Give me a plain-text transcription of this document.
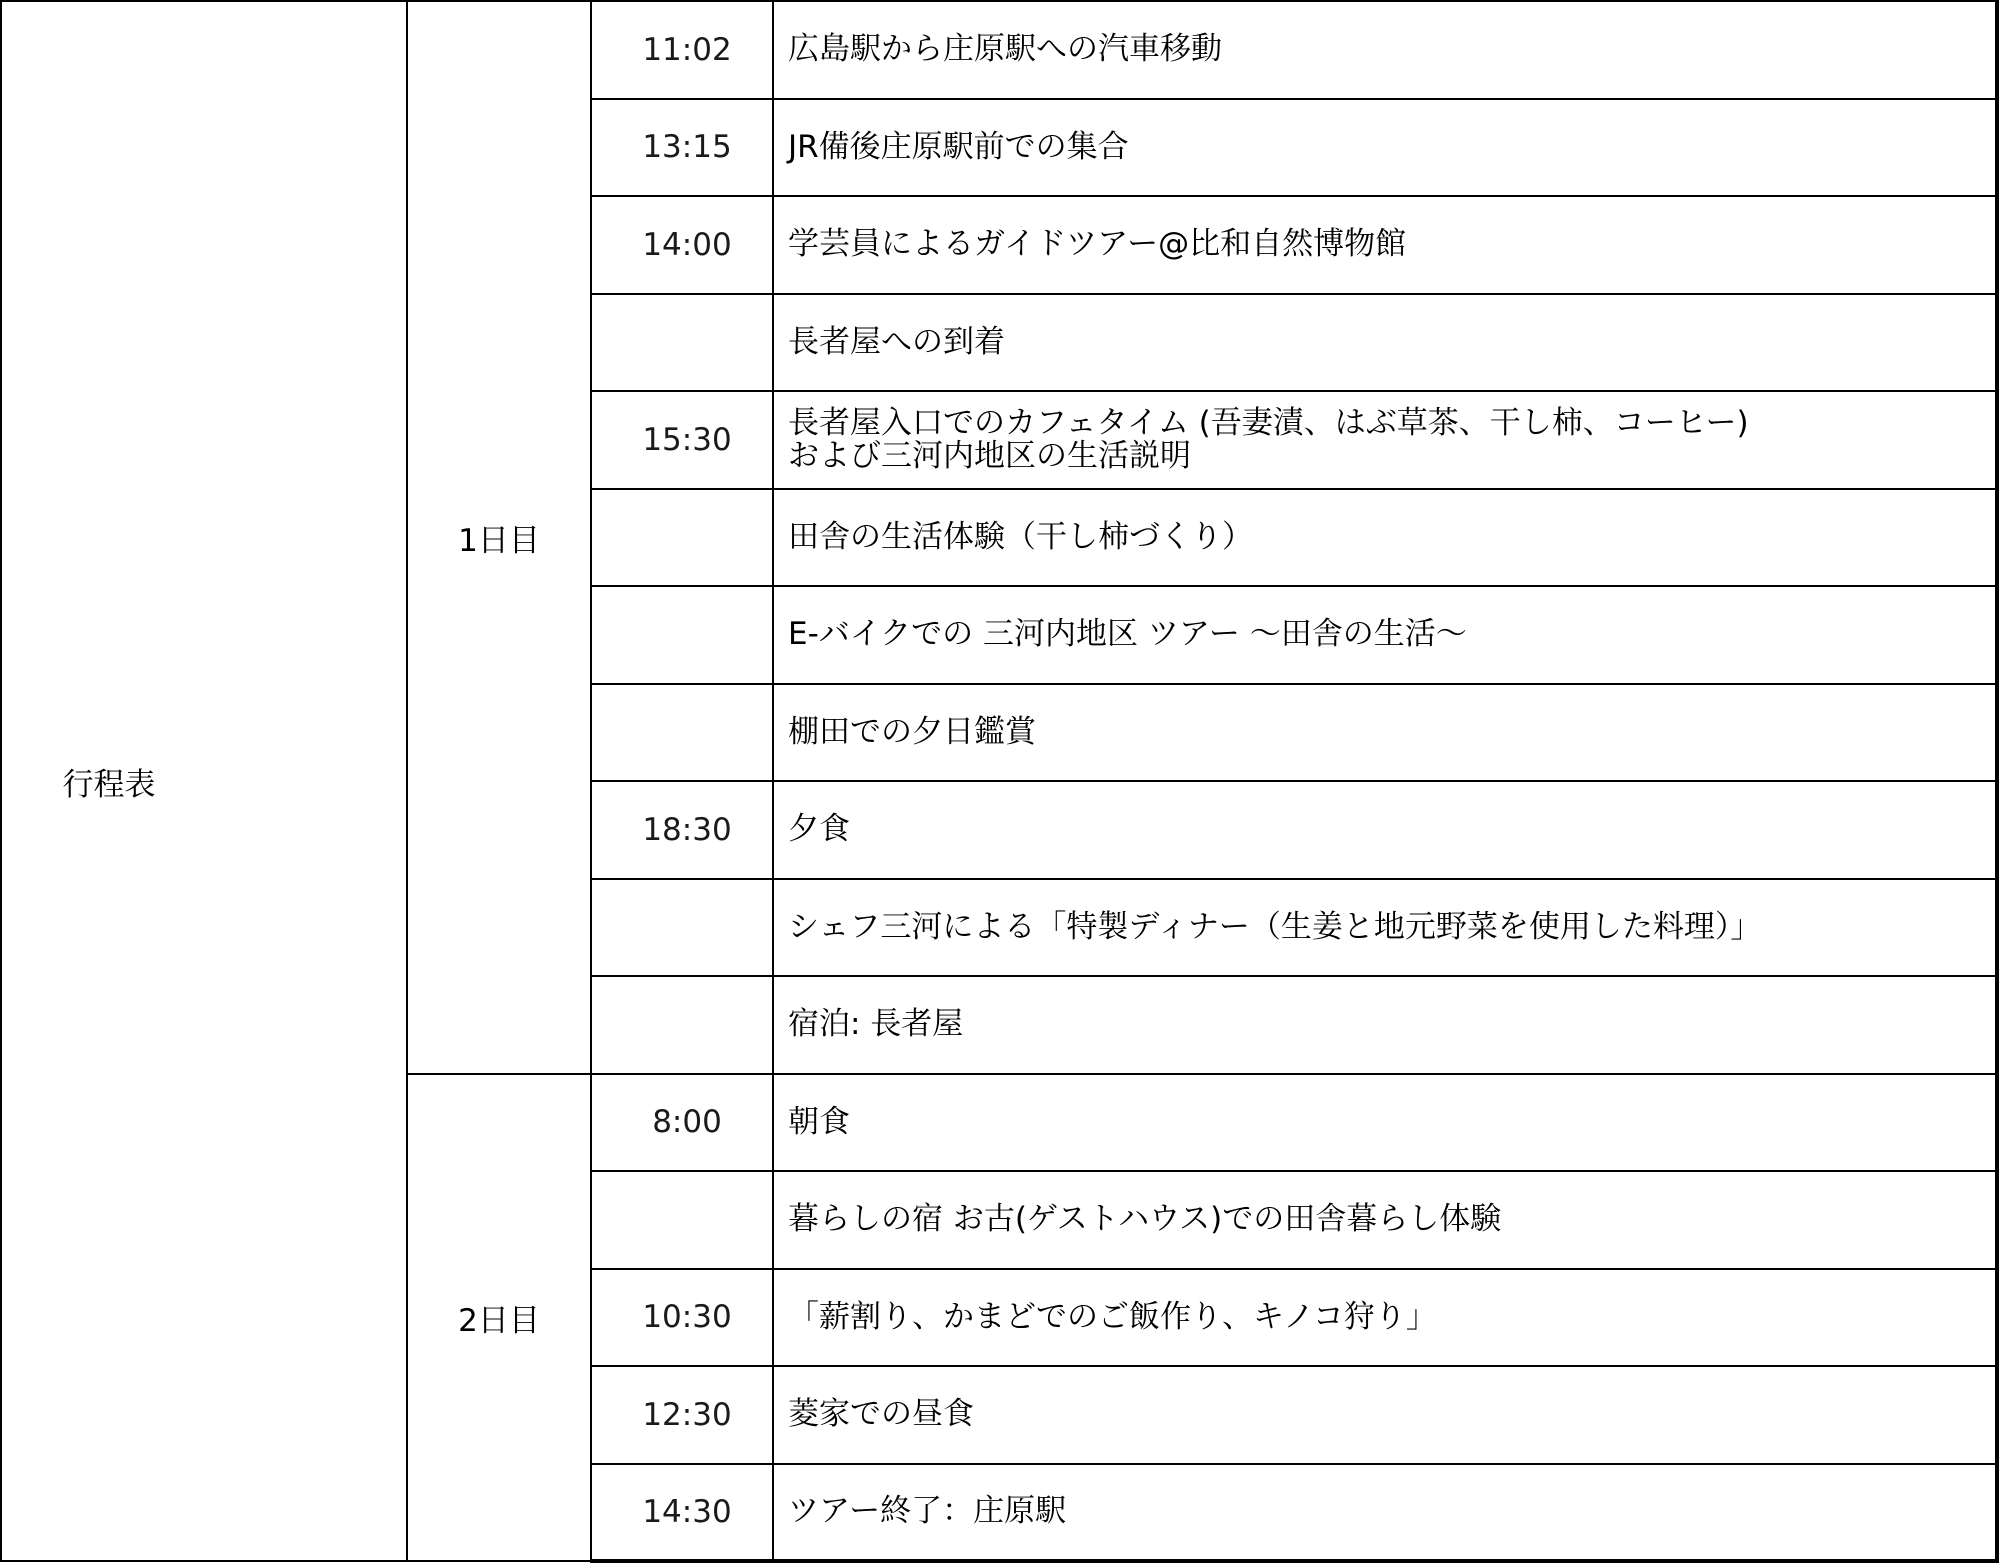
行程表	1日目	11:02	広島駅から庄原駅への汽車移動

		13:15	JR備後庄原駅前での集合

		14:00	学芸員によるガイドツアー@比和自然博物館

			長者屋への到着

		15:30	長者屋入口でのカフェタイム (吾妻漬、はぶ草茶、干し柿、コーヒー)
および三河内地区の生活説明

			田舎の生活体験（干し柿づくり）

			E-バイクでの 三河内地区 ツアー ～田舎の生活～

			棚田での夕日鑑賞

		18:30	夕食

			シェフ三河による「特製ディナー（生姜と地元野菜を使用した料理）」

			宿泊: 長者屋

	2日目	8:00	朝食

			暮らしの宿 お古(ゲストハウス)での田舎暮らし体験

		10:30	「薪割り、かまどでのご飯作り、キノコ狩り」

		12:30	菱家での昼食

		14:30	ツアー終了：庄原駅
